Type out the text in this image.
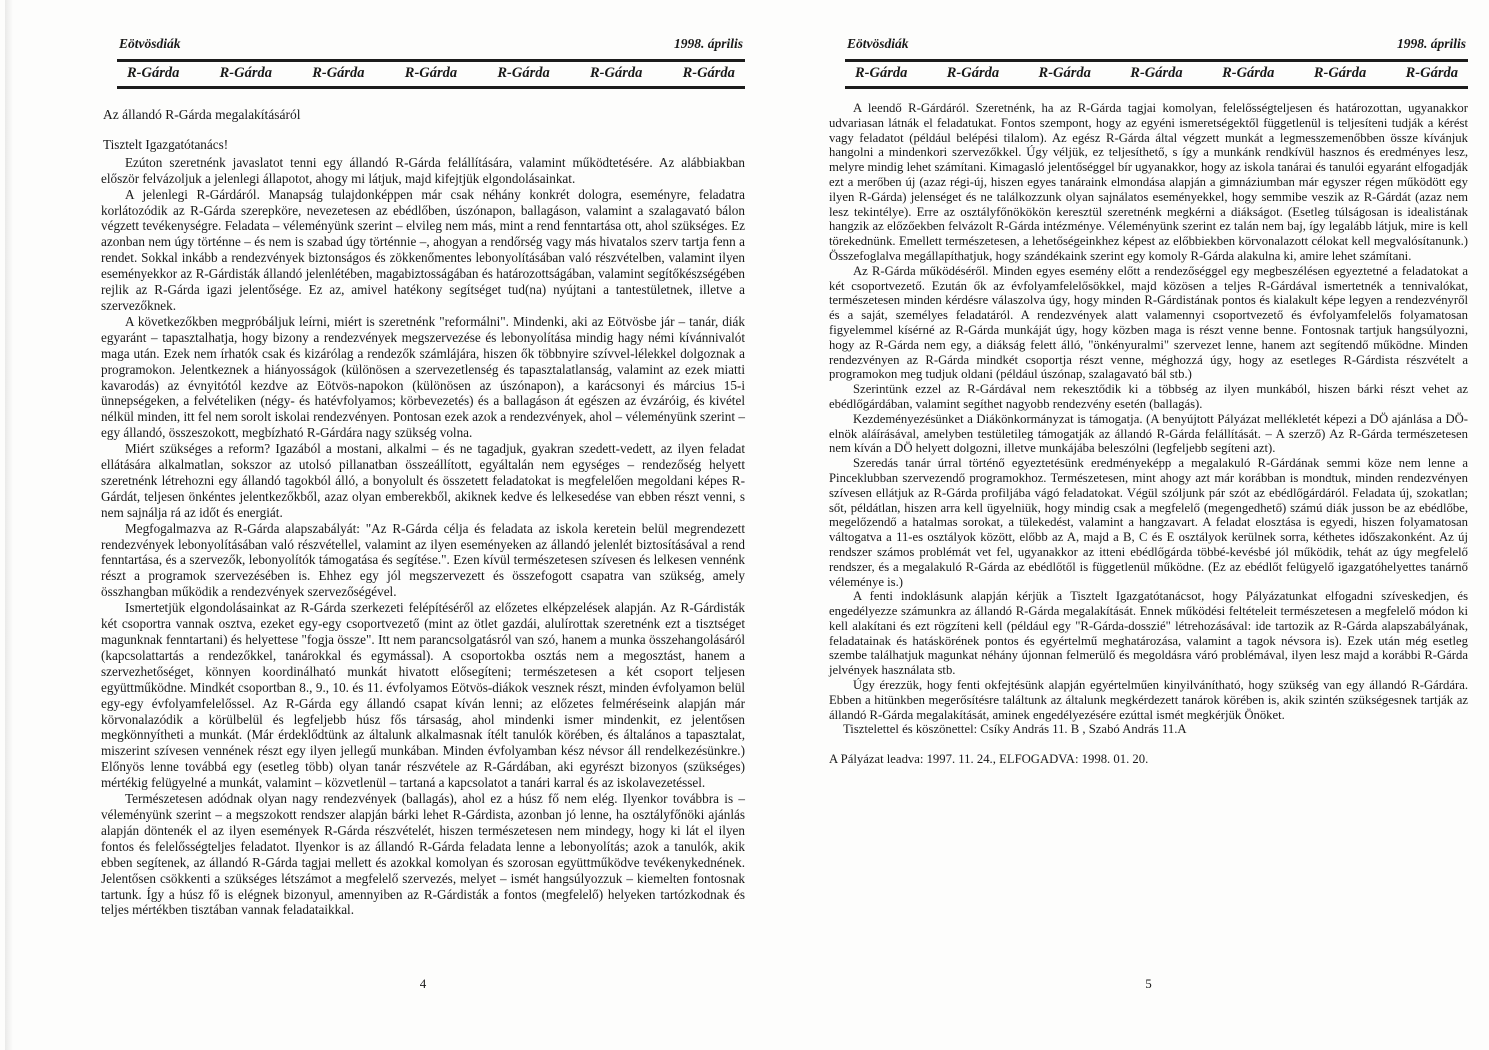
Eötvösdiák	1998. április
R-Gárda	R-Gárda	R-Gárda	R-Gárda	R-Gárda	R-Gárda	R-Gárda

Az állandó R-Gárda megalakításáról

Tisztelt Igazgatótanács!

Ezúton szeretnénk javaslatot tenni egy állandó R-Gárda felállítására, valamint működtetésére. Az alábbiakban először felvázoljuk a jelenlegi állapotot, ahogy mi látjuk, majd kifejtjük elgondolásainkat.

A jelenlegi R-Gárdáról. Manapság tulajdonképpen már csak néhány konkrét dologra, eseményre, feladatra korlátozódik az R-Gárda szerepköre, nevezetesen az ebédlőben, úszónapon, ballagáson, valamint a szalagavató bálon végzett tevékenységre. Feladata – véleményünk szerint – elvileg nem más, mint a rend fenntartása ott, ahol szükséges. Ez azonban nem úgy történne – és nem is szabad úgy történnie –, ahogyan a rendőrség vagy más hivatalos szerv tartja fenn a rendet. Sokkal inkább a rendezvények biztonságos és zökkenőmentes lebonyolításában való részvételben, valamint ilyen eseményekkor az R-Gárdisták állandó jelenlétében, magabiztosságában és határozottságában, valamint segítőkészségében rejlik az R-Gárda igazi jelentősége. Ez az, amivel hatékony segítséget tud(na) nyújtani a tantestületnek, illetve a szervezőknek.

A következőkben megpróbáljuk leírni, miért is szeretnénk "reformálni". Mindenki, aki az Eötvösbe jár – tanár, diák egyaránt – tapasztalhatja, hogy bizony a rendezvények megszervezése és lebonyolítása mindig hagy némi kívánnivalót maga után. Ezek nem írhatók csak és kizárólag a rendezők számlájára, hiszen ők többnyire szívvel-lélekkel dolgoznak a programokon. Jelentkeznek a hiányosságok (különösen a szervezetlenség és tapasztalatlanság, valamint az ezek miatti kavarodás) az évnyitótól kezdve az Eötvös-napokon (különösen az úszónapon), a karácsonyi és március 15-i ünnepségeken, a felvételiken (négy- és hatévfolyamos; körbevezetés) és a ballagáson át egészen az évzáróig, és kivétel nélkül minden, itt fel nem sorolt iskolai rendezvényen. Pontosan ezek azok a rendezvények, ahol – véleményünk szerint – egy állandó, összeszokott, megbízható R-Gárdára nagy szükség volna.

Miért szükséges a reform? Igazából a mostani, alkalmi – és ne tagadjuk, gyakran szedett-vedett, az ilyen feladat ellátására alkalmatlan, sokszor az utolsó pillanatban összeállított, egyáltalán nem egységes – rendezőség helyett szeretnénk létrehozni egy állandó tagokból álló, a bonyolult és összetett feladatokat is megfelelően megoldani képes R-Gárdát, teljesen önkéntes jelentkezőkből, azaz olyan emberekből, akiknek kedve és lelkesedése van ebben részt venni, s nem sajnálja rá az időt és energiát.

Megfogalmazva az R-Gárda alapszabályát: "Az R-Gárda célja és feladata az iskola keretein belül megrendezett rendezvények lebonyolításában való részvétellel, valamint az ilyen eseményeken az állandó jelenlét biztosításával a rend fenntartása, és a szervezők, lebonyolítók támogatása és segítése.". Ezen kívül természetesen szívesen és lelkesen vennénk részt a programok szervezésében is. Ehhez egy jól megszervezett és összefogott csapatra van szükség, amely összhangban működik a rendezvények szervezőségével.

Ismertetjük elgondolásainkat az R-Gárda szerkezeti felépítéséről az előzetes elképzelések alapján. Az R-Gárdisták két csoportra vannak osztva, ezeket egy-egy csoportvezető (mint az ötlet gazdái, alulírottak szeretnénk ezt a tisztséget magunknak fenntartani) és helyettese "fogja össze". Itt nem parancsolgatásról van szó, hanem a munka összehangolásáról (kapcsolattartás a rendezőkkel, tanárokkal és egymással). A csoportokba osztás nem a megosztást, hanem a szervezhetőséget, könnyen koordinálható munkát hivatott elősegíteni; természetesen a két csoport teljesen együttműködne. Mindkét csoportban 8., 9., 10. és 11. évfolyamos Eötvös-diákok vesznek részt, minden évfolyamon belül egy-egy évfolyamfelelőssel. Az R-Gárda egy állandó csapat kíván lenni; az előzetes felméréseink alapján már körvonalazódik a körülbelül és legfeljebb húsz fős társaság, ahol mindenki ismer mindenkit, ez jelentősen megkönnyítheti a munkát. (Már érdeklődtünk az általunk alkalmasnak ítélt tanulók körében, és általános a tapasztalat, miszerint szívesen vennének részt egy ilyen jellegű munkában. Minden évfolyamban kész névsor áll rendelkezésünkre.) Előnyös lenne továbbá egy (esetleg több) olyan tanár részvétele az R-Gárdában, aki egyrészt bizonyos (szükséges) mértékig felügyelné a munkát, valamint – közvetlenül – tartaná a kapcsolatot a tanári karral és az iskolavezetéssel.

Természetesen adódnak olyan nagy rendezvények (ballagás), ahol ez a húsz fő nem elég. Ilyenkor továbbra is – véleményünk szerint – a megszokott rendszer alapján bárki lehet R-Gárdista, azonban jó lenne, ha osztályfőnöki ajánlás alapján döntenék el az ilyen események R-Gárda részvételét, hiszen természetesen nem mindegy, hogy ki lát el ilyen fontos és felelősségteljes feladatot. Ilyenkor is az állandó R-Gárda feladata lenne a lebonyolítás; azok a tanulók, akik ebben segítenek, az állandó R-Gárda tagjai mellett és azokkal komolyan és szorosan együttműködve tevékenykednének. Jelentősen csökkenti a szükséges létszámot a megfelelő szervezés, melyet – ismét hangsúlyozzuk – kiemelten fontosnak tartunk. Így a húsz fő is elégnek bizonyul, amennyiben az R-Gárdisták a fontos (megfelelő) helyeken tartózkodnak és teljes mértékben tisztában vannak feladataikkal.

4
Eötvösdiák	1998. április
R-Gárda	R-Gárda	R-Gárda	R-Gárda	R-Gárda	R-Gárda	R-Gárda

A leendő R-Gárdáról. Szeretnénk, ha az R-Gárda tagjai komolyan, felelősségteljesen és határozottan, ugyanakkor udvariasan látnák el feladatukat. Fontos szempont, hogy az egyéni ismeretségektől függetlenül is teljesíteni tudják a kérést vagy feladatot (például belépési tilalom). Az egész R-Gárda által végzett munkát a legmesszemenőbben össze kívánjuk hangolni a mindenkori szervezőkkel. Úgy véljük, ez teljesíthető, s így a munkánk rendkívül hasznos és eredményes lesz, melyre mindig lehet számítani. Kimagasló jelentőséggel bír ugyanakkor, hogy az iskola tanárai és tanulói egyaránt elfogadják ezt a merőben új (azaz régi-új, hiszen egyes tanáraink elmondása alapján a gimnáziumban már egyszer régen működött egy ilyen R-Gárda) jelenséget és ne találkozzunk olyan sajnálatos eseményekkel, hogy semmibe veszik az R-Gárdát (azaz nem lesz tekintélye). Erre az osztályfőnökökön keresztül szeretnénk megkérni a diákságot. (Esetleg túlságosan is idealistának hangzik az előzőekben felvázolt R-Gárda intézménye. Véleményünk szerint ez talán nem baj, így legalább látjuk, mire is kell törekednünk. Emellett természetesen, a lehetőségeinkhez képest az előbbiekben körvonalazott célokat kell megvalósítanunk.) Összefoglalva megállapíthatjuk, hogy szándékaink szerint egy komoly R-Gárda alakulna ki, amire lehet számítani.

Az R-Gárda működéséről. Minden egyes esemény előtt a rendezőséggel egy megbeszélésen egyeztetné a feladatokat a két csoportvezető. Ezután ők az évfolyamfelelősökkel, majd közösen a teljes R-Gárdával ismertetnék a tennivalókat, természetesen minden kérdésre válaszolva úgy, hogy minden R-Gárdistának pontos és kialakult képe legyen a rendezvényről és a saját, személyes feladatáról. A rendezvények alatt valamennyi csoportvezető és évfolyamfelelős folyamatosan figyelemmel kísérné az R-Gárda munkáját úgy, hogy közben maga is részt venne benne. Fontosnak tartjuk hangsúlyozni, hogy az R-Gárda nem egy, a diákság felett álló, "önkényuralmi" szervezet lenne, hanem azt segítendő működne. Minden rendezvényen az R-Gárda mindkét csoportja részt venne, méghozzá úgy, hogy az esetleges R-Gárdista részvételt a programokon meg tudjuk oldani (például úszónap, szalagavató bál stb.)

Szerintünk ezzel az R-Gárdával nem rekesztődik ki a többség az ilyen munkából, hiszen bárki részt vehet az ebédlőgárdában, valamint segíthet nagyobb rendezvény esetén (ballagás).

Kezdeményezésünket a Diákönkormányzat is támogatja. (A benyújtott Pályázat mellékletét képezi a DÖ ajánlása a DÖ-elnök aláírásával, amelyben testületileg támogatják az állandó R-Gárda felállítását. – A szerző) Az R-Gárda természetesen nem kíván a DÖ helyett dolgozni, illetve munkájába beleszólni (legfeljebb segíteni azt).

Szeredás tanár úrral történő egyeztetésünk eredményeképp a megalakuló R-Gárdának semmi köze nem lenne a Pinceklubban szervezendő programokhoz. Természetesen, mint ahogy azt már korábban is mondtuk, minden rendezvényen szívesen ellátjuk az R-Gárda profiljába vágó feladatokat. Végül szóljunk pár szót az ebédlőgárdáról. Feladata új, szokatlan; sőt, példátlan, hiszen arra kell ügyelniük, hogy mindig csak a megfelelő (megengedhető) számú diák jusson be az ebédlőbe, megelőzendő a hatalmas sorokat, a tülekedést, valamint a hangzavart. A feladat elosztása is egyedi, hiszen folyamatosan váltogatva a 11-es osztályok között, előbb az A, majd a B, C és E osztályok kerülnek sorra, kéthetes időszakonként. Az új rendszer számos problémát vet fel, ugyanakkor az itteni ebédlőgárda többé-kevésbé jól működik, tehát az úgy megfelelő rendszer, és a megalakuló R-Gárda az ebédlőtől is függetlenül működne. (Ez az ebédlőt felügyelő igazgatóhelyettes tanárnő véleménye is.)

A fenti indoklásunk alapján kérjük a Tisztelt Igazgatótanácsot, hogy Pályázatunkat elfogadni szíveskedjen, és engedélyezze számunkra az állandó R-Gárda megalakítását. Ennek működési feltételeit természetesen a megfelelő módon ki kell alakítani és ezt rögzíteni kell (például egy "R-Gárda-dosszié" létrehozásával: ide tartozik az R-Gárda alapszabályának, feladatainak és hatáskörének pontos és egyértelmű meghatározása, valamint a tagok névsora is). Ezek után még esetleg szembe találhatjuk magunkat néhány újonnan felmerülő és megoldásra váró problémával, ilyen lesz majd a korábbi R-Gárda jelvények használata stb.

Úgy érezzük, hogy fenti okfejtésünk alapján egyértelműen kinyilvánítható, hogy szükség van egy állandó R-Gárdára. Ebben a hitünkben megerősítésre találtunk az általunk megkérdezett tanárok körében is, akik szintén szükségesnek tartják az állandó R-Gárda megalakítását, aminek engedélyezésére ezúttal ismét megkérjük Önöket.

Tisztelettel és köszönettel: Csíky András 11. B , Szabó András 11.A

A Pályázat leadva: 1997. 11. 24., ELFOGADVA: 1998. 01. 20.

5
